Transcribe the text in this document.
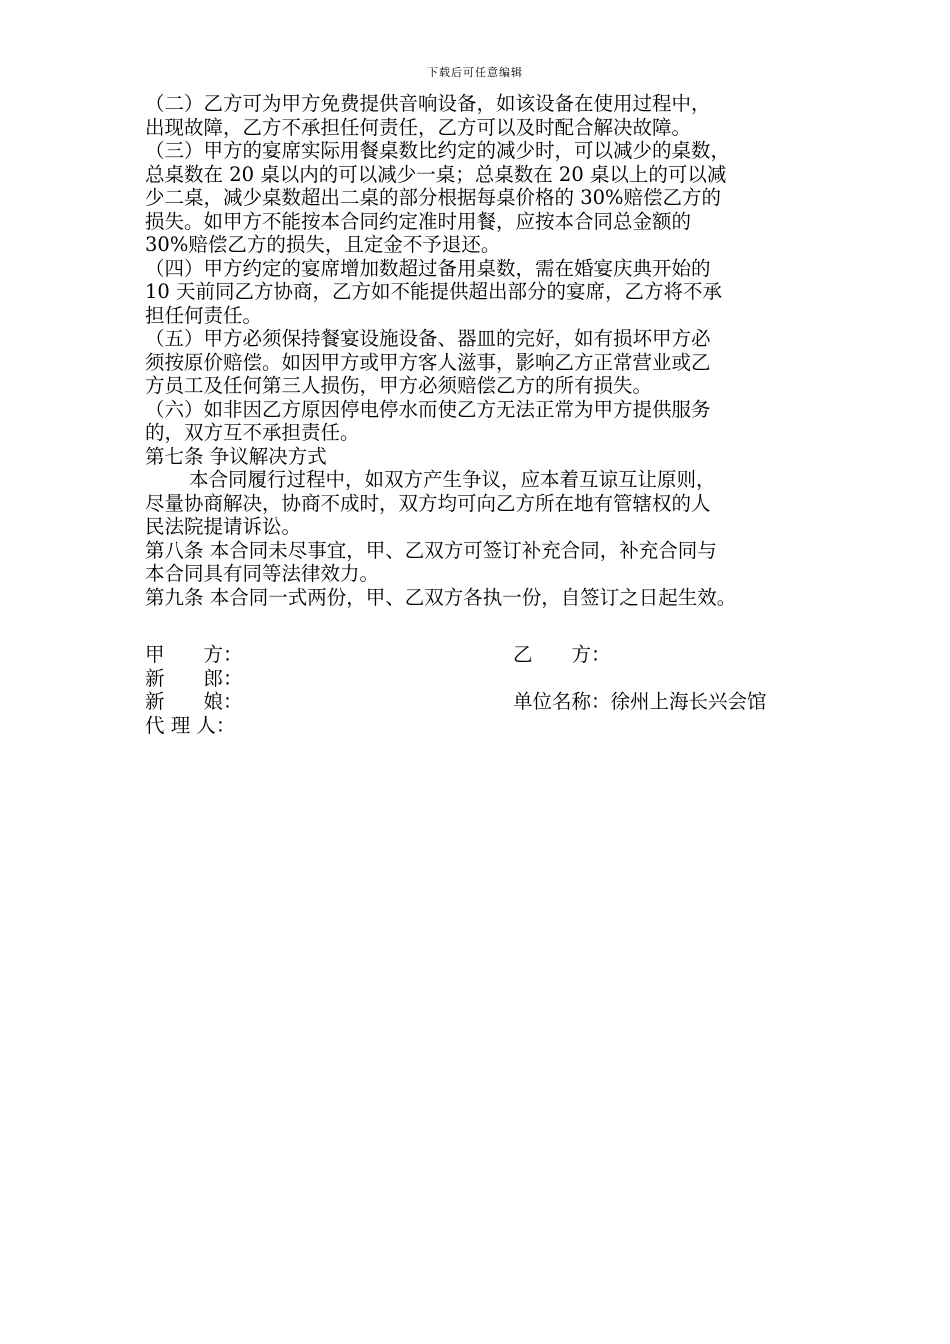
下载后可任意编辑
（二）乙方可为甲方免费提供音响设备，如该设备在使用过程中，
出现故障，乙方不承担任何责任，乙方可以及时配合解决故障。
（三）甲方的宴席实际用餐桌数比约定的减少时，可以减少的桌数，
总桌数在 20 桌以内的可以减少一桌；总桌数在 20 桌以上的可以减
少二桌，减少桌数超出二桌的部分根据每桌价格的 30%赔偿乙方的
损失。如甲方不能按本合同约定准时用餐，应按本合同总金额的
30%赔偿乙方的损失，且定金不予退还。
（四）甲方约定的宴席增加数超过备用桌数，需在婚宴庆典开始的
10 天前同乙方协商，乙方如不能提供超出部分的宴席，乙方将不承
担任何责任。
（五）甲方必须保持餐宴设施设备、器皿的完好，如有损坏甲方必
须按原价赔偿。如因甲方或甲方客人滋事，影响乙方正常营业或乙
方员工及任何第三人损伤，甲方必须赔偿乙方的所有损失。
（六）如非因乙方原因停电停水而使乙方无法正常为甲方提供服务
的，双方互不承担责任。
第七条 争议解决方式
本合同履行过程中，如双方产生争议，应本着互谅互让原则，
尽量协商解决，协商不成时，双方均可向乙方所在地有管辖权的人
民法院提请诉讼。
第八条 本合同未尽事宜，甲、乙双方可签订补充合同，补充合同与
本合同具有同等法律效力。
第九条 本合同一式两份，甲、乙双方各执一份，自签订之日起生效。
甲　　方：	乙　　方：
新　　郎：
新　　娘：	单位名称：徐州上海长兴会馆
代 理 人：
